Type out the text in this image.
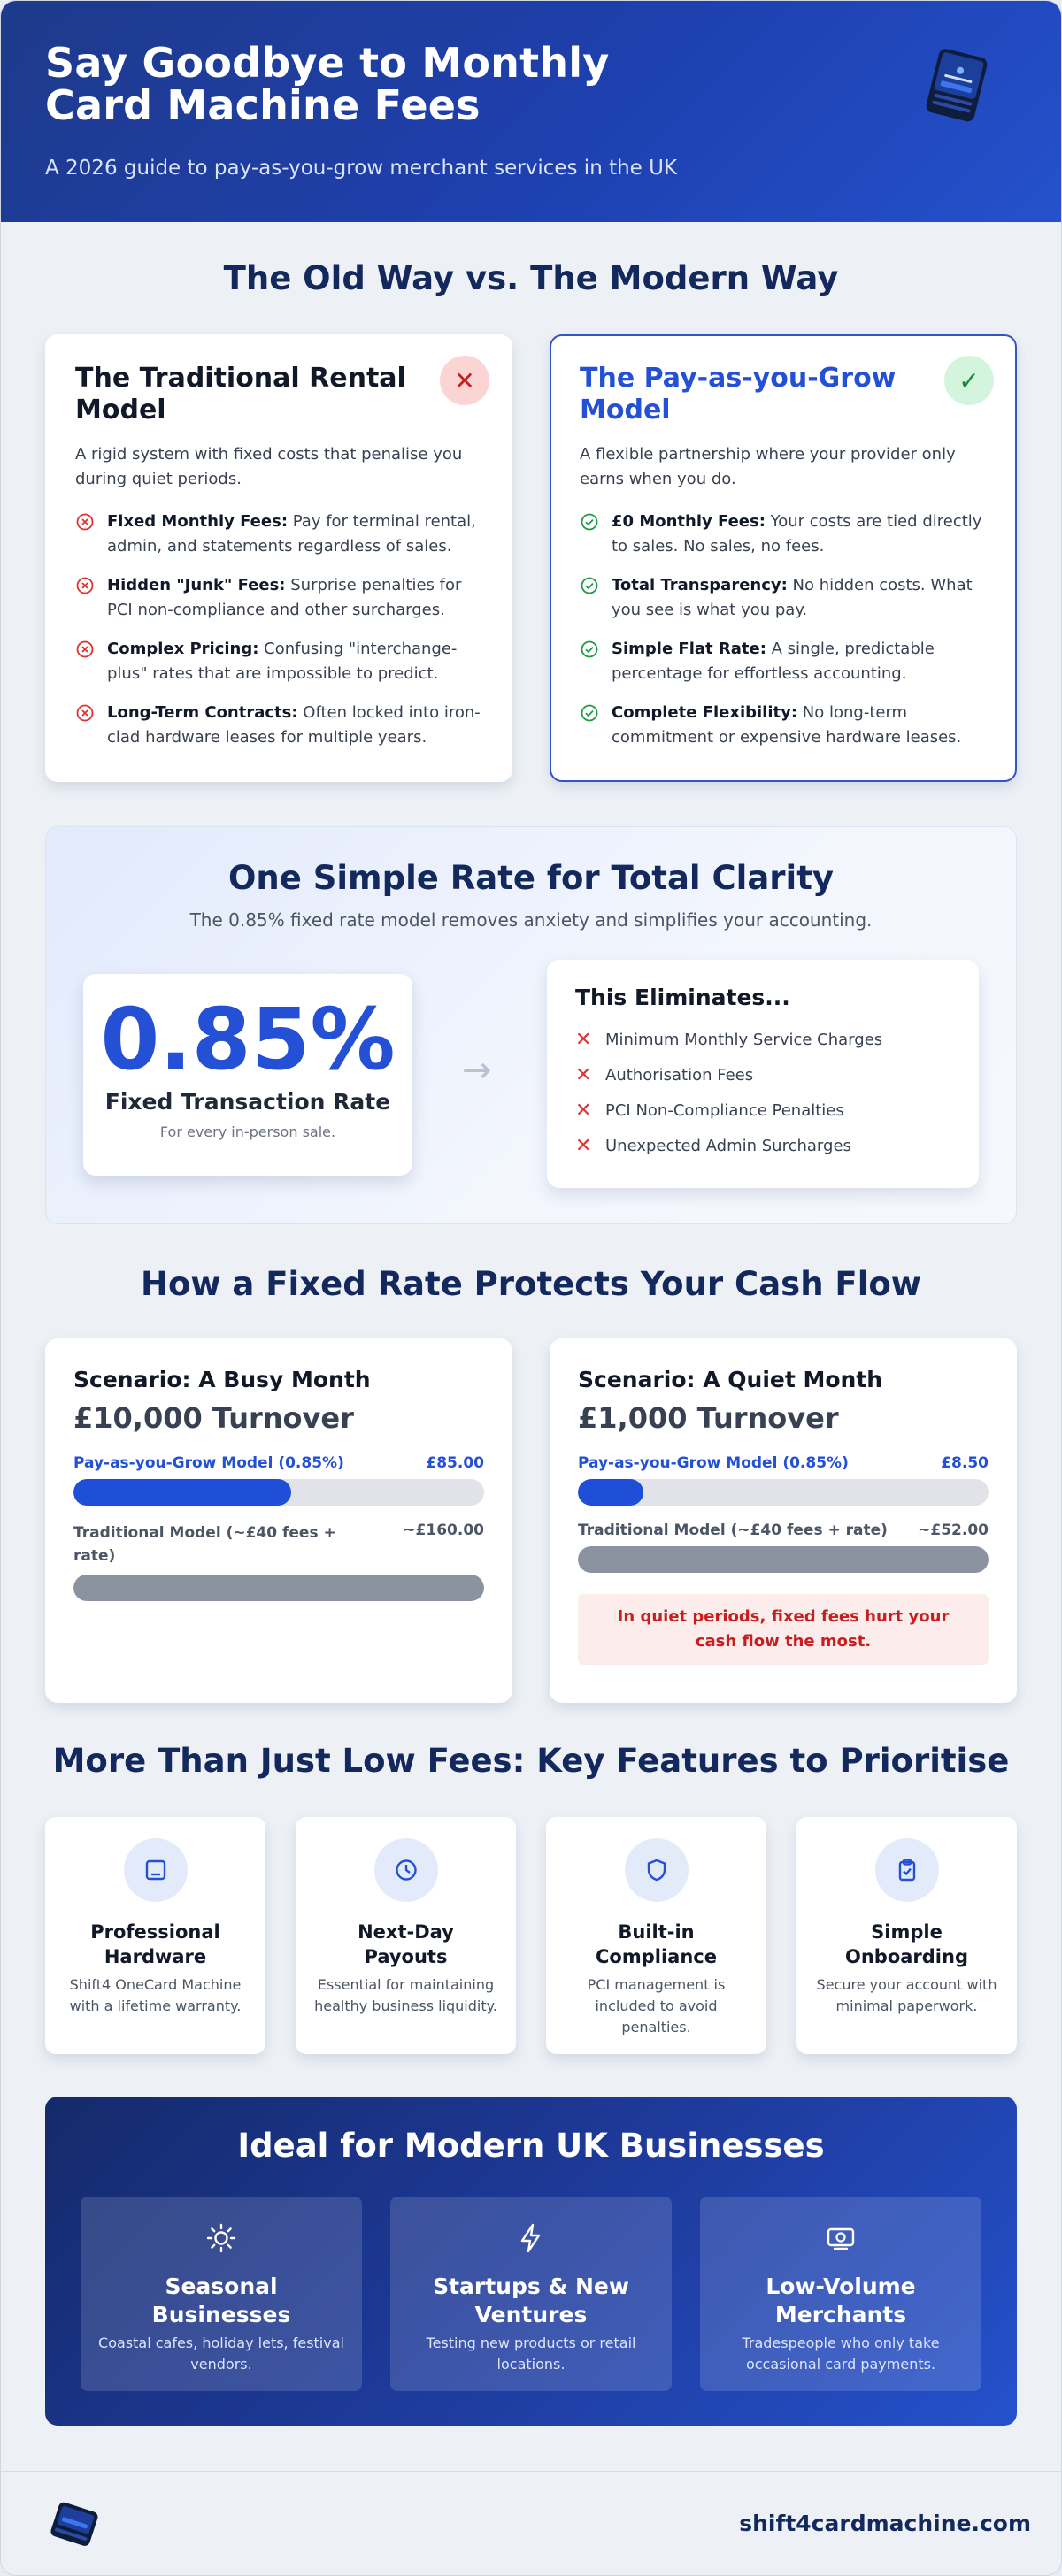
Say Goodbye to Monthly
Card Machine Fees
A 2026 guide to pay-as-you-grow merchant services in the UK
The Old Way vs. The Modern Way
The Traditional Rental Model
✕

A rigid system with fixed costs that penalise you during quiet periods.

Fixed Monthly Fees: Pay for terminal rental, admin, and statements regardless of sales.
Hidden "Junk" Fees: Surprise penalties for PCI non-compliance and other surcharges.
Complex Pricing: Confusing "interchange-plus" rates that are impossible to predict.
Long-Term Contracts: Often locked into iron-clad hardware leases for multiple years.
The Pay-as-you-Grow Model
✓

A flexible partnership where your provider only earns when you do.

£0 Monthly Fees: Your costs are tied directly to sales. No sales, no fees.
Total Transparency: No hidden costs. What you see is what you pay.
Simple Flat Rate: A single, predictable percentage for effortless accounting.
Complete Flexibility: No long-term commitment or expensive hardware leases.
One Simple Rate for Total Clarity

The 0.85% fixed rate model removes anxiety and simplifies your accounting.

0.85%
Fixed Transaction Rate
For every in-person sale.
→
This Eliminates...
✕ Minimum Monthly Service Charges
✕ Authorisation Fees
✕ PCI Non-Compliance Penalties
✕ Unexpected Admin Surcharges
How a Fixed Rate Protects Your Cash Flow
Scenario: A Busy Month
£10,000 Turnover
Pay-as-you-Grow Model (0.85%)	£85.00
Traditional Model (~£40 fees + rate)
~£160.00
Scenario: A Quiet Month
£1,000 Turnover
Pay-as-you-Grow Model (0.85%)	£8.50
Traditional Model (~£40 fees + rate) ~£52.00
In quiet periods, fixed fees hurt your cash flow the most.
More Than Just Low Fees: Key Features to Prioritise
Professional Hardware

Shift4 OneCard Machine with a lifetime warranty.

Next-Day Payouts

Essential for maintaining healthy business liquidity.

Built-in Compliance

PCI management is included to avoid penalties.

Simple Onboarding

Secure your account with minimal paperwork.

Ideal for Modern UK Businesses
Seasonal Businesses

Coastal cafes, holiday lets, festival vendors.

Startups & New Ventures

Testing new products or retail locations.

Low-Volume Merchants

Tradespeople who only take occasional card payments.

shift4cardmachine.com
